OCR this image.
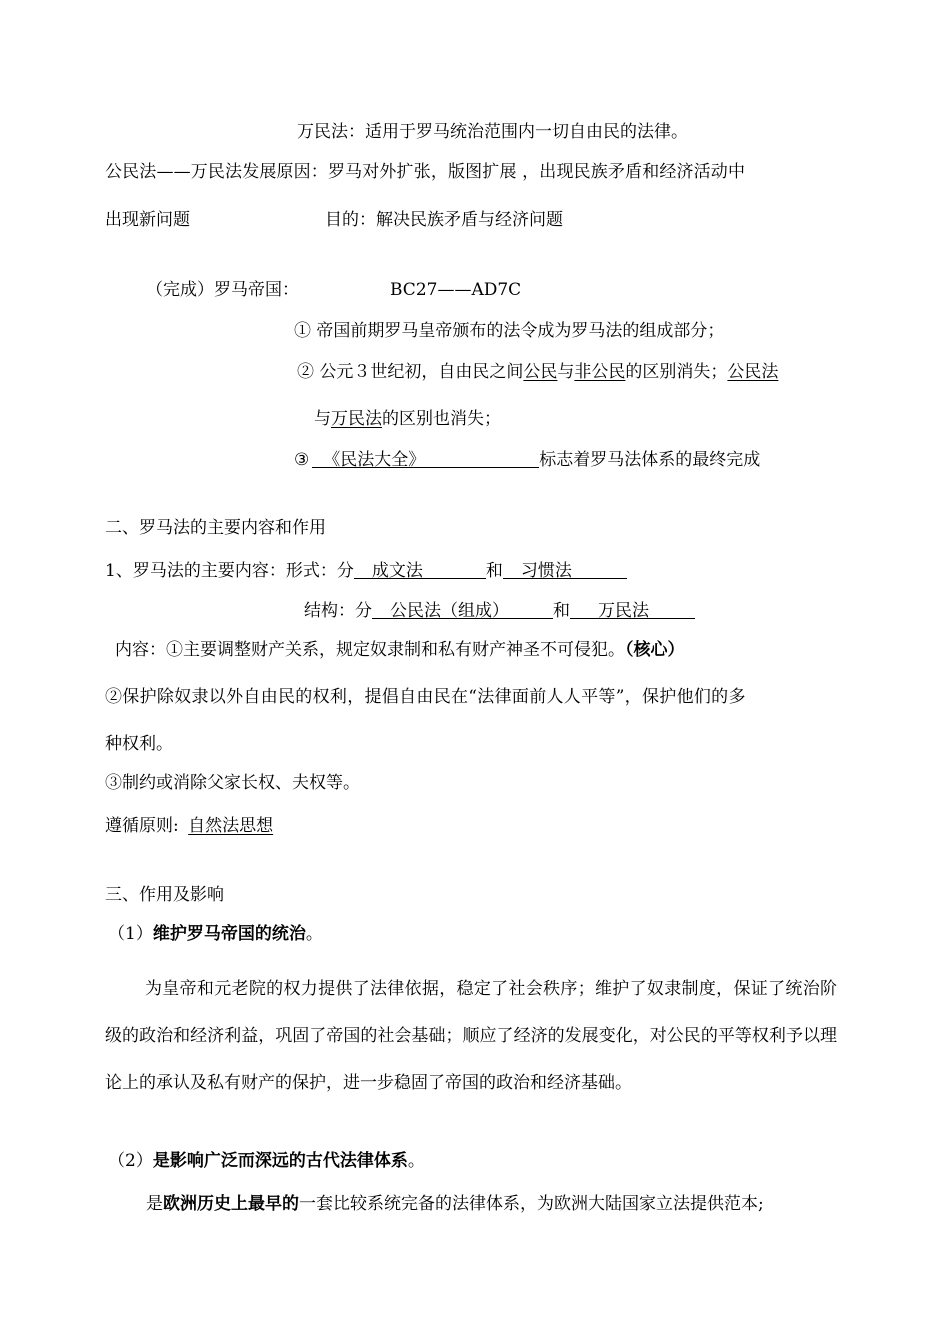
万民法：适用于罗马统治范围内一切自由民的法律。
公民法——万民法发展原因：罗马对外扩张，版图扩展 ，出现民族矛盾和经济活动中
出现新问题	目的：解决民族矛盾与经济问题
（完成）罗马帝国：	BC27——AD7C
① 帝国前期罗马皇帝颁布的法令成为罗马法的组成部分；
② 公元３世纪初，自由民之间公民与非公民的区别消失；公民法
与万民法的区别也消失；
③ 《民法大全》	标志着罗马法体系的最终完成
二、罗马法的主要内容和作用
1、罗马法的主要内容：形式：分 成文法	和 习惯法
结构：分 公民法（组成）	和 万民法
内容：①主要调整财产关系，规定奴隶制和私有财产神圣不可侵犯。（核心）
②保护除奴隶以外自由民的权利，提倡自由民在“法律面前人人平等”，保护他们的多
种权利。
③制约或消除父家长权、夫权等。
遵循原则: 自然法思想
三、作用及影响
（1）维护罗马帝国的统治。
为皇帝和元老院的权力提供了法律依据，稳定了社会秩序；维护了奴隶制度，保证了统治阶级的政治和经济利益，巩固了帝国的社会基础；顺应了经济的发展变化，对公民的平等权利予以理论上的承认及私有财产的保护，进一步稳固了帝国的政治和经济基础。
（2）是影响广泛而深远的古代法律体系。
是欧洲历史上最早的一套比较系统完备的法律体系，为欧洲大陆国家立法提供范本;
